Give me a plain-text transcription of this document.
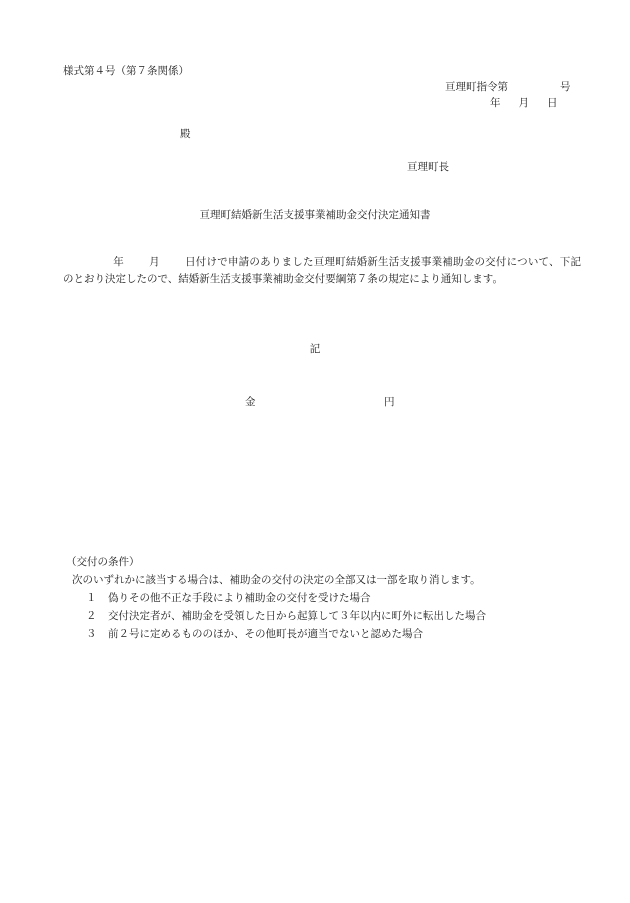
様式第４号（第７条関係）
亘理町指令第	号
年 月 日
殿
亘理町長
亘理町結婚新生活支援事業補助金交付決定通知書
年 月 日付けで申請のありました亘理町結婚新生活支援事業補助金の交付について、下記のとおり決定したので、結婚新生活支援事業補助金交付要綱第７条の規定により通知します。
記
金	円
（交付の条件）
次のいずれかに該当する場合は、補助金の交付の決定の全部又は一部を取り消します。
１ 偽りその他不正な手段により補助金の交付を受けた場合
２ 交付決定者が、補助金を受領した日から起算して３年以内に町外に転出した場合
３ 前２号に定めるもののほか、その他町長が適当でないと認めた場合
